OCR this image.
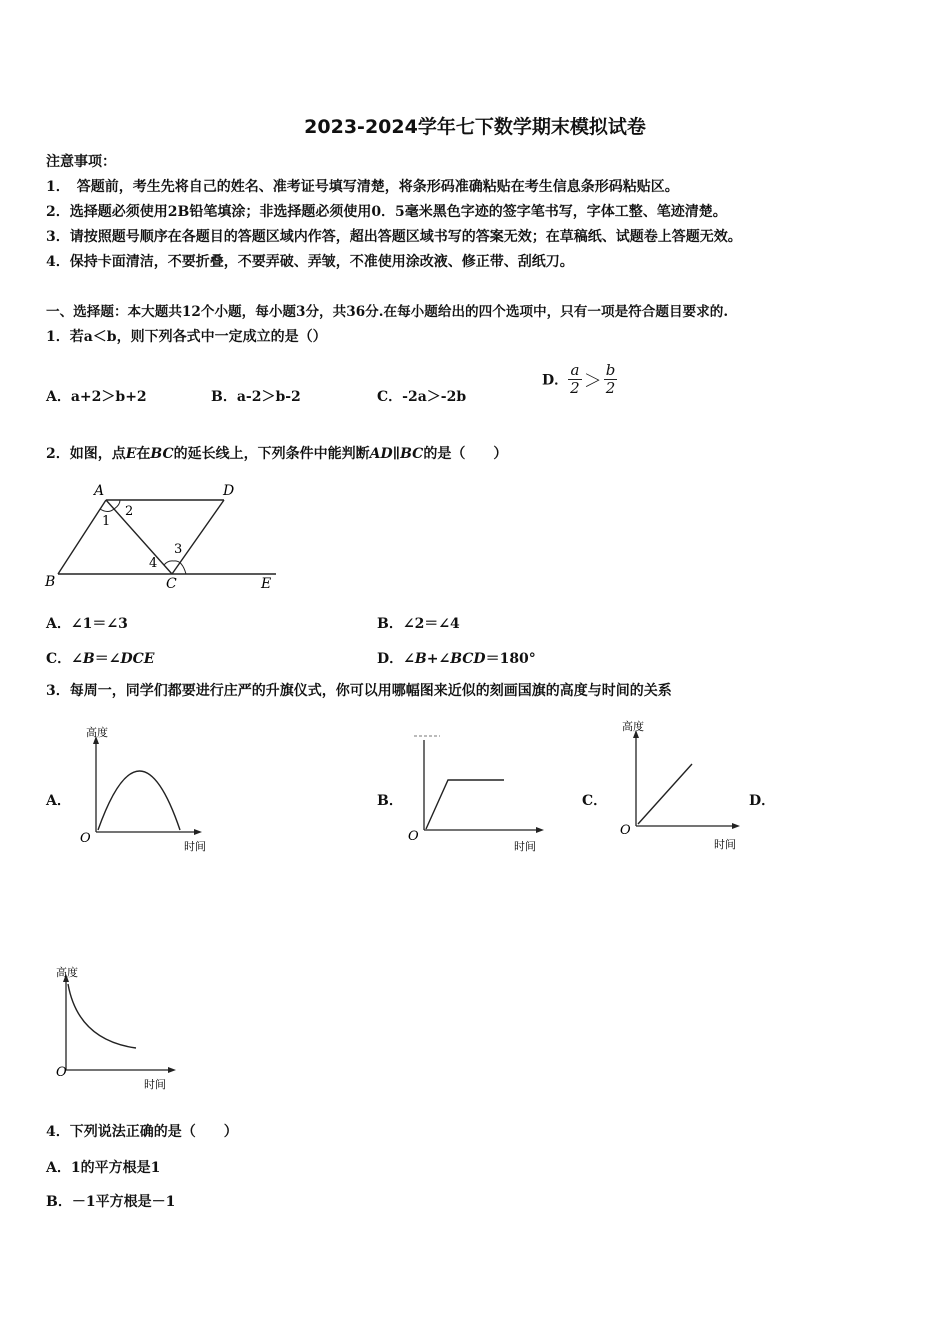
2023-2024学年七下数学期末模拟试卷
注意事项：
1．　答题前，考生先将自己的姓名、准考证号填写清楚，将条形码准确粘贴在考生信息条形码粘贴区。
2．选择题必须使用2B铅笔填涂；非选择题必须使用0．5毫米黑色字迹的签字笔书写，字体工整、笔迹清楚。
3．请按照题号顺序在各题目的答题区域内作答，超出答题区域书写的答案无效；在草稿纸、试题卷上答题无效。
4．保持卡面清洁，不要折叠，不要弄破、弄皱，不准使用涂改液、修正带、刮纸刀。
一、选择题：本大题共12个小题，每小题3分，共36分.在每小题给出的四个选项中，只有一项是符合题目要求的.
1．若a＜b，则下列各式中一定成立的是（）
A．a+2＞b+2	B．a-2＞b-2	C．-2a＞-2b
D． $\frac{a}{2} > \frac{b}{2}$
2．如图，点E在BC的延长线上，下列条件中能判断AD∥BC的是（　　）
A	D
B	C	E
1
2
3
4
A．∠1＝∠3	B．∠2＝∠4
C．∠B＝∠DCE	D．∠B+∠BCD＝180°
3．每周一，同学们都要进行庄严的升旗仪式，你可以用哪幅图来近似的刻画国旗的高度与时间的关系
A．	B．	C．	D．
高度
时间
O
时间
O
高度
时间
O
高度
时间
O
4．下列说法正确的是（　　）
A．1的平方根是1
B．－1平方根是－1
